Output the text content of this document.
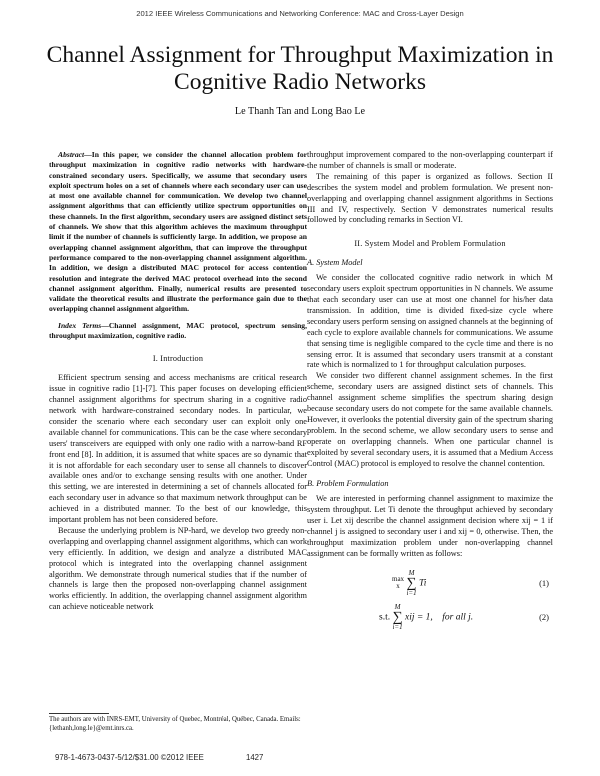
2012 IEEE Wireless Communications and Networking Conference: MAC and Cross-Layer Design
Channel Assignment for Throughput Maximization in Cognitive Radio Networks
Le Thanh Tan and Long Bao Le

Abstract—In this paper, we consider the channel allocation problem for throughput maximization in cognitive radio networks with hardware-constrained secondary users. Specifically, we assume that secondary users exploit spectrum holes on a set of channels where each secondary user can use at most one available channel for communication. We develop two channel assignment algorithms that can efficiently utilize spectrum opportunities on these channels. In the first algorithm, secondary users are assigned distinct sets of channels. We show that this algorithm achieves the maximum throughput limit if the number of channels is sufficiently large. In addition, we propose an overlapping channel assignment algorithm, that can improve the throughput performance compared to the non-overlapping channel assignment algorithm. In addition, we design a distributed MAC protocol for access contention resolution and integrate the derived MAC protocol overhead into the second channel assignment algorithm. Finally, numerical results are presented to validate the theoretical results and illustrate the performance gain due to the overlapping channel assignment algorithm.

Index Terms—Channel assignment, MAC protocol, spectrum sensing, throughput maximization, cognitive radio.

I. Introduction

Efficient spectrum sensing and access mechanisms are critical research issue in cognitive radio [1]-[7]. This paper focuses on developing efficient channel assignment algorithms for spectrum sharing in a cognitive radio network with hardware-constrained secondary nodes. In particular, we consider the scenario where each secondary user can exploit only one available channel for communications. This can be the case where secondary users' transceivers are equipped with only one radio with a narrow-band RF front end [8]. In addition, it is assumed that white spaces are so dynamic that it is not affordable for each secondary user to sense all channels to discover available ones and/or to exchange sensing results with one another. Under this setting, we are interested in determining a set of channels allocated for each secondary user in advance so that maximum network throughput can be achieved in a distributed manner. To the best of our knowledge, this important problem has not been considered before.

Because the underlying problem is NP-hard, we develop two greedy non-overlapping and overlapping channel assignment algorithms, which can work very efficiently. In addition, we design and analyze a distributed MAC protocol which is integrated into the overlapping channel assignment algorithm. We demonstrate through numerical studies that if the number of channels is large then the proposed non-overlapping channel assignment works efficiently. In addition, the overlapping channel assignment algorithm can achieve noticeable network

throughput improvement compared to the non-overlapping counterpart if the number of channels is small or moderate.

The remaining of this paper is organized as follows. Section II describes the system model and problem formulation. We present non-overlapping and overlapping channel assignment algorithms in Sections III and IV, respectively. Section V demonstrates numerical results followed by concluding remarks in Section VI.

II. System Model and Problem Formulation
A. System Model

We consider the collocated cognitive radio network in which M secondary users exploit spectrum opportunities in N channels. We assume that each secondary user can use at most one channel for his/her data transmission. In addition, time is divided fixed-size cycle where secondary users perform sensing on assigned channels at the beginning of each cycle to explore available channels for communications. We assume that sensing time is negligible compared to the cycle time and there is no sensing error. It is assumed that secondary users transmit at a constant rate which is normalized to 1 for throughput calculation purposes.

We consider two different channel assignment schemes. In the first scheme, secondary users are assigned distinct sets of channels. This channel assignment scheme simplifies the spectrum sharing design because secondary users do not compete for the same available channels. However, it overlooks the potential diversity gain of the spectrum sharing problem. In the second scheme, we allow secondary users to sense and operate on overlapping channels. When one particular channel is exploited by several secondary users, it is assumed that a Medium Access Control (MAC) protocol is employed to resolve the channel contention.

B. Problem Formulation

We are interested in performing channel assignment to maximize the system throughput. Let Ti denote the throughput achieved by secondary user i. Let xij describe the channel assignment decision where xij = 1 if channel j is assigned to secondary user i and xij = 0, otherwise. Then, the throughput maximization problem under non-overlapping channel assignment can be formally written as follows:

max
x M
∑
i=1 Ti	(1)
s.t. M
∑
i=1 xij = 1,    for all j.	(2)
The authors are with INRS-EMT, University of Quebec, Montréal, Québec, Canada. Emails: {lethanh,long.le}@emt.inrs.ca.
978-1-4673-0437-5/12/$31.00 ©2012 IEEE	1427
